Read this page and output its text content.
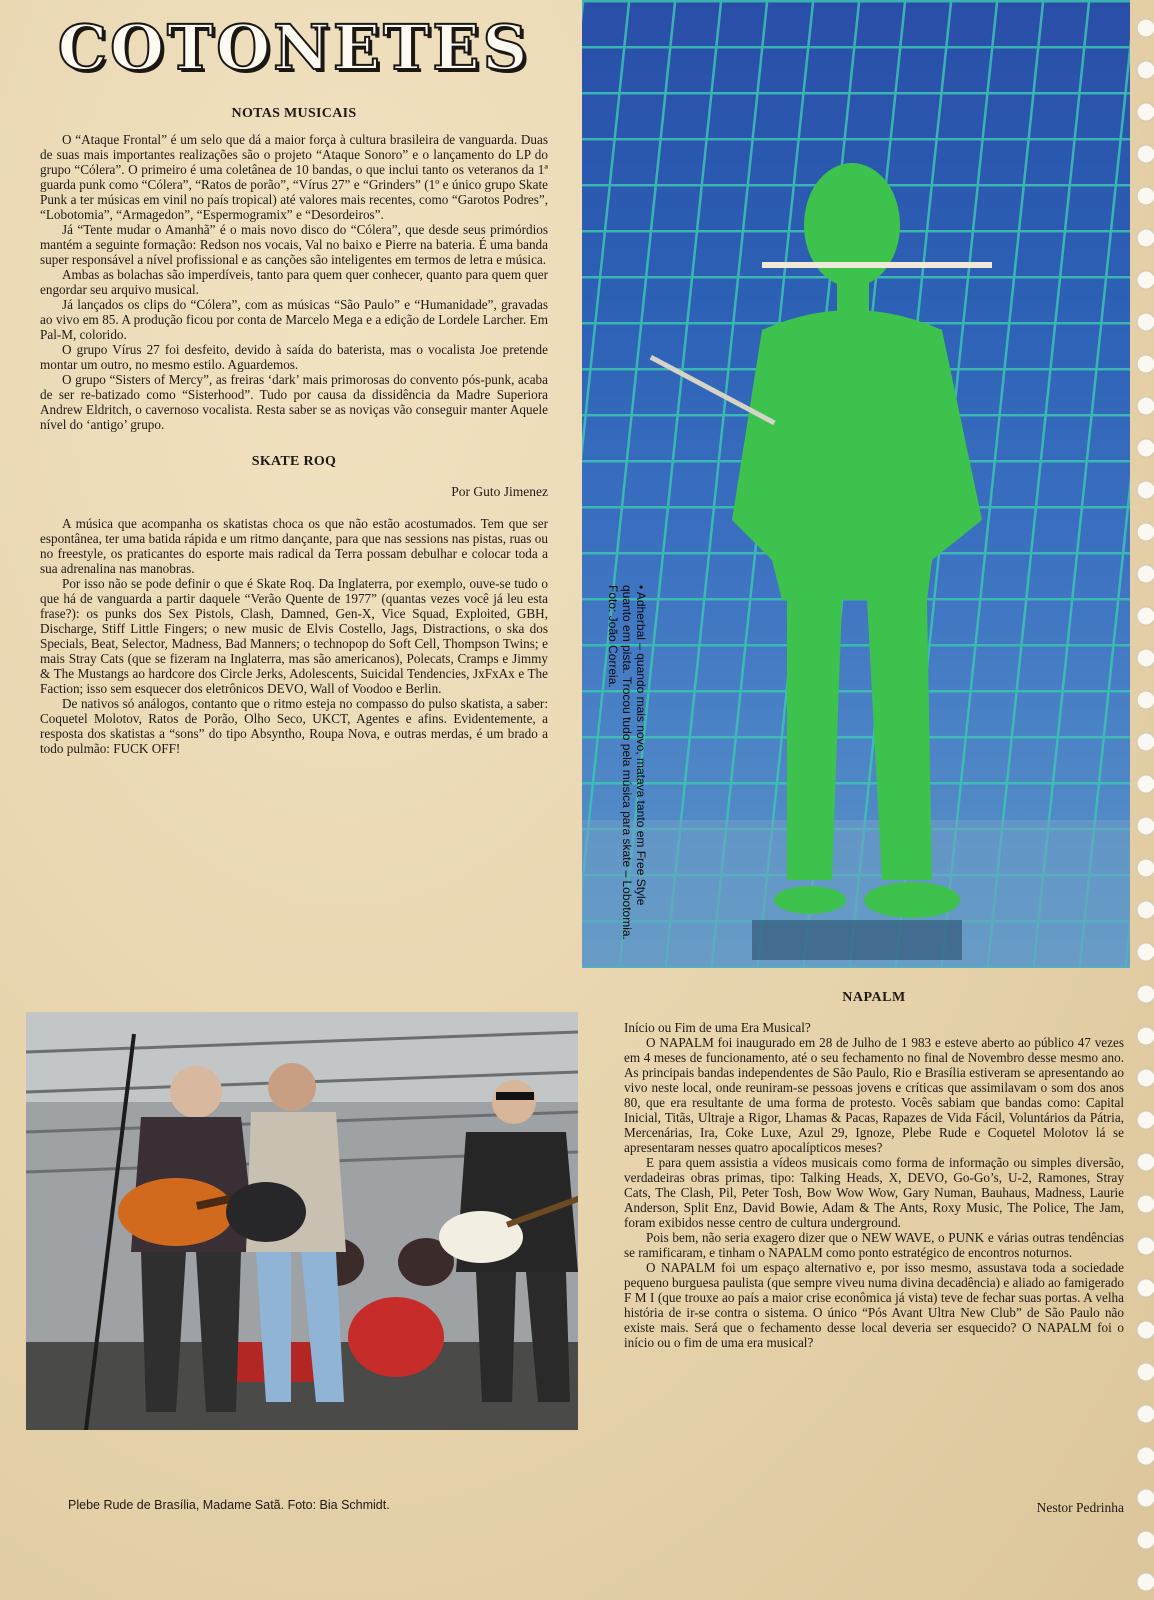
COTONETES
NOTAS MUSICAIS

O “Ataque Frontal” é um selo que dá a maior força à cultura brasileira de vanguarda. Duas de suas mais importantes realizações são o projeto “Ataque Sonoro” e o lançamento do LP do grupo “Cólera”. O primeiro é uma coletânea de 10 bandas, o que inclui tanto os veteranos da 1ª guarda punk como “Cólera”, “Ratos de porão”, “Vírus 27” e “Grinders” (1º e único grupo Skate Punk a ter músicas em vinil no país tropical) até valores mais recentes, como “Garotos Podres”, “Lobotomia”, “Armagedon”, “Espermogramix” e “Desordeiros”.

Já “Tente mudar o Amanhã” é o mais novo disco do “Cólera”, que desde seus primórdios mantém a seguinte formação: Redson nos vocais, Val no baixo e Pierre na bateria. É uma banda super responsável a nível profissional e as canções são inteligentes em termos de letra e música.

Ambas as bolachas são imperdíveis, tanto para quem quer conhecer, quanto para quem quer engordar seu arquivo musical.

Já lançados os clips do “Cólera”, com as músicas “São Paulo” e “Humanidade”, gravadas ao vivo em 85. A produção ficou por conta de Marcelo Mega e a edição de Lordele Larcher. Em Pal-M, colorido.

O grupo Vírus 27 foi desfeito, devido à saída do baterista, mas o vocalista Joe pretende montar um outro, no mesmo estilo. Aguardemos.

O grupo “Sisters of Mercy”, as freiras ‘dark’ mais primorosas do convento pós-punk, acaba de ser re-batizado como “Sisterhood”. Tudo por causa da dissidência da Madre Superiora Andrew Eldritch, o cavernoso vocalista. Resta saber se as noviças vão conseguir manter Aquele nível do ‘antigo’ grupo.

SKATE ROQ
Por Guto Jimenez

A música que acompanha os skatistas choca os que não estão acostumados. Tem que ser espontânea, ter uma batida rápida e um ritmo dançante, para que nas sessions nas pistas, ruas ou no freestyle, os praticantes do esporte mais radical da Terra possam debulhar e colocar toda a sua adrenalina nas manobras.

Por isso não se pode definir o que é Skate Roq. Da Inglaterra, por exemplo, ouve-se tudo o que há de vanguarda a partir daquele “Verão Quente de 1977” (quantas vezes você já leu esta frase?): os punks dos Sex Pistols, Clash, Damned, Gen-X, Vice Squad, Exploited, GBH, Discharge, Stiff Little Fingers; o new music de Elvis Costello, Jags, Distractions, o ska dos Specials, Beat, Selector, Madness, Bad Manners; o technopop do Soft Cell, Thompson Twins; e mais Stray Cats (que se fizeram na Inglaterra, mas são americanos), Polecats, Cramps e Jimmy & The Mustangs ao hardcore dos Circle Jerks, Adolescents, Suicidal Tendencies, JxFxAx e The Faction; isso sem esquecer dos eletrônicos DEVO, Wall of Voodoo e Berlin.

De nativos só análogos, contanto que o ritmo esteja no compasso do pulso skatista, a saber: Coquetel Molotov, Ratos de Porão, Olho Seco, UKCT, Agentes e afins. Evidentemente, a resposta dos skatistas a “sons” do tipo Absyntho, Roupa Nova, e outras merdas, é um brado a todo pulmão: FUCK OFF!	• Adherbal – quando mais novo, matava tanto em Free Style quanto em pista. Trocou tudo pela música para skate – Lobotomia. Foto: João Correia.
Plebe Rude de Brasília, Madame Satã. Foto: Bia Schmidt.
NAPALM

Início ou Fim de uma Era Musical?

O NAPALM foi inaugurado em 28 de Julho de 1 983 e esteve aberto ao público 47 vezes em 4 meses de funcionamento, até o seu fechamento no final de Novembro desse mesmo ano. As principais bandas independentes de São Paulo, Rio e Brasília estiveram se apresentando ao vivo neste local, onde reuniram-se pessoas jovens e críticas que assimilavam o som dos anos 80, que era resultante de uma forma de protesto. Vocês sabiam que bandas como: Capital Inicial, Titãs, Ultraje a Rigor, Lhamas & Pacas, Rapazes de Vida Fácil, Voluntários da Pátria, Mercenárias, Ira, Coke Luxe, Azul 29, Ignoze, Plebe Rude e Coquetel Molotov lá se apresentaram nesses quatro apocalípticos meses?

E para quem assistia a vídeos musicais como forma de informação ou simples diversão, verdadeiras obras primas, tipo: Talking Heads, X, DEVO, Go-Go’s, U-2, Ramones, Stray Cats, The Clash, Pil, Peter Tosh, Bow Wow Wow, Gary Numan, Bauhaus, Madness, Laurie Anderson, Split Enz, David Bowie, Adam & The Ants, Roxy Music, The Police, The Jam, foram exibidos nesse centro de cultura underground.

Pois bem, não seria exagero dizer que o NEW WAVE, o PUNK e várias outras tendências se ramificaram, e tinham o NAPALM como ponto estratégico de encontros noturnos.

O NAPALM foi um espaço alternativo e, por isso mesmo, assustava toda a sociedade pequeno burguesa paulista (que sempre viveu numa divina decadência) e aliado ao famigerado F M I (que trouxe ao país a maior crise econômica já vista) teve de fechar suas portas. A velha história de ir-se contra o sistema. O único “Pós Avant Ultra New Club” de São Paulo não existe mais. Será que o fechamento desse local deveria ser esquecido? O NAPALM foi o início ou o fim de uma era musical?

Nestor Pedrinha
